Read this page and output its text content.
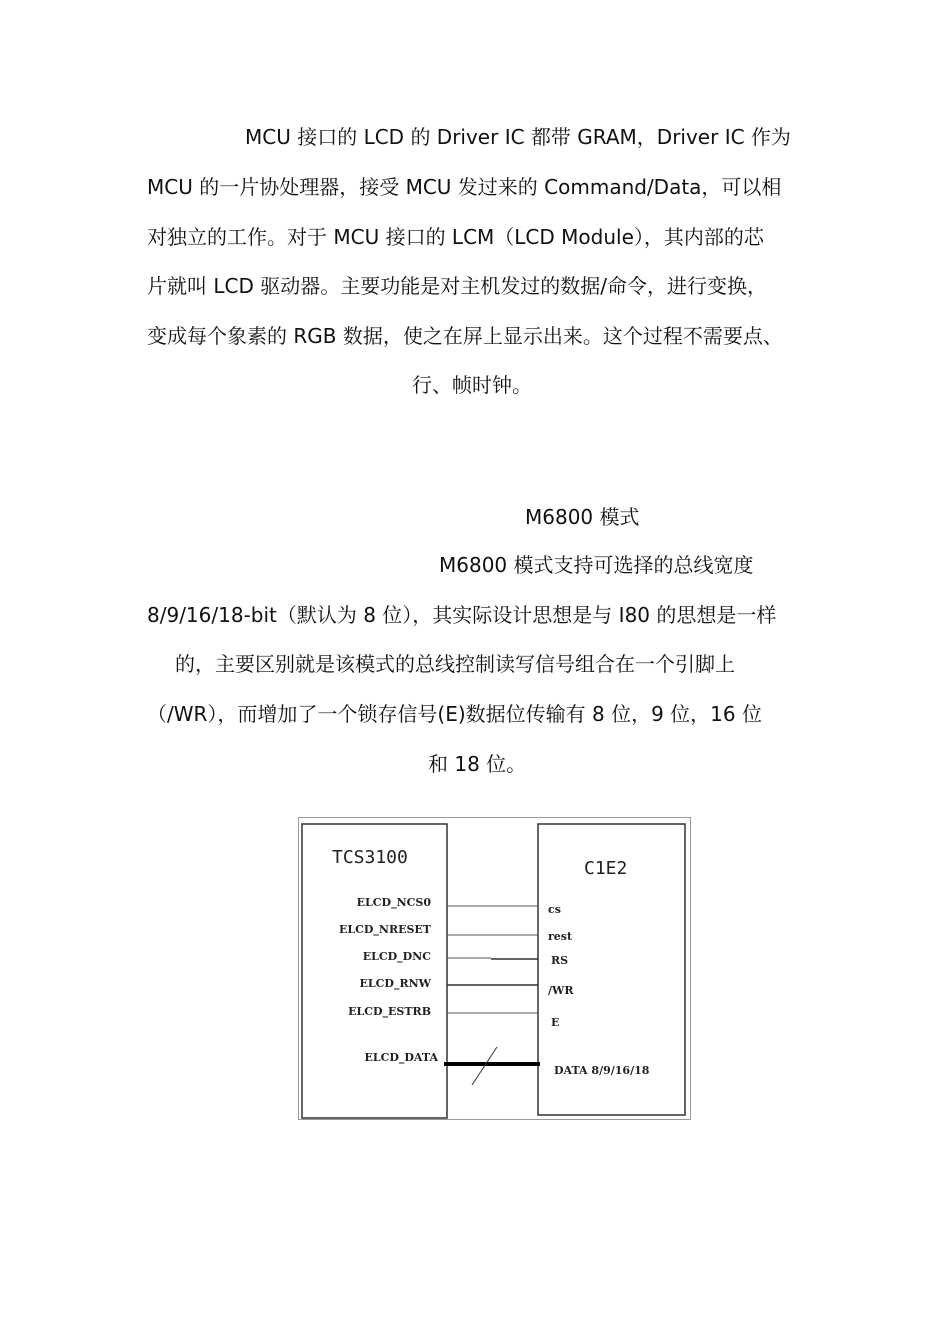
MCU 接口的 LCD 的 Driver IC 都带 GRAM，Driver IC 作为
MCU 的一片协处理器，接受 MCU 发过来的 Command/Data，可以相
对独立的工作。对于 MCU 接口的 LCM（LCD Module），其内部的芯
片就叫 LCD 驱动器。主要功能是对主机发过的数据/命令，进行变换，
变成每个象素的 RGB 数据，使之在屏上显示出来。这个过程不需要点、
行、帧时钟。
M6800 模式
M6800 模式支持可选择的总线宽度
8/9/16/18-bit（默认为 8 位），其实际设计思想是与 I80 的思想是一样
的，主要区别就是该模式的总线控制读写信号组合在一个引脚上
（/WR），而增加了一个锁存信号(E)数据位传输有 8 位，9 位，16 位
和 18 位。
TCS3100
C1E2
ELCD_NCS0
ELCD_NRESET
ELCD_DNC
ELCD_RNW
ELCD_ESTRB
ELCD_DATA
cs
rest
RS
/WR
E
DATA 8/9/16/18
